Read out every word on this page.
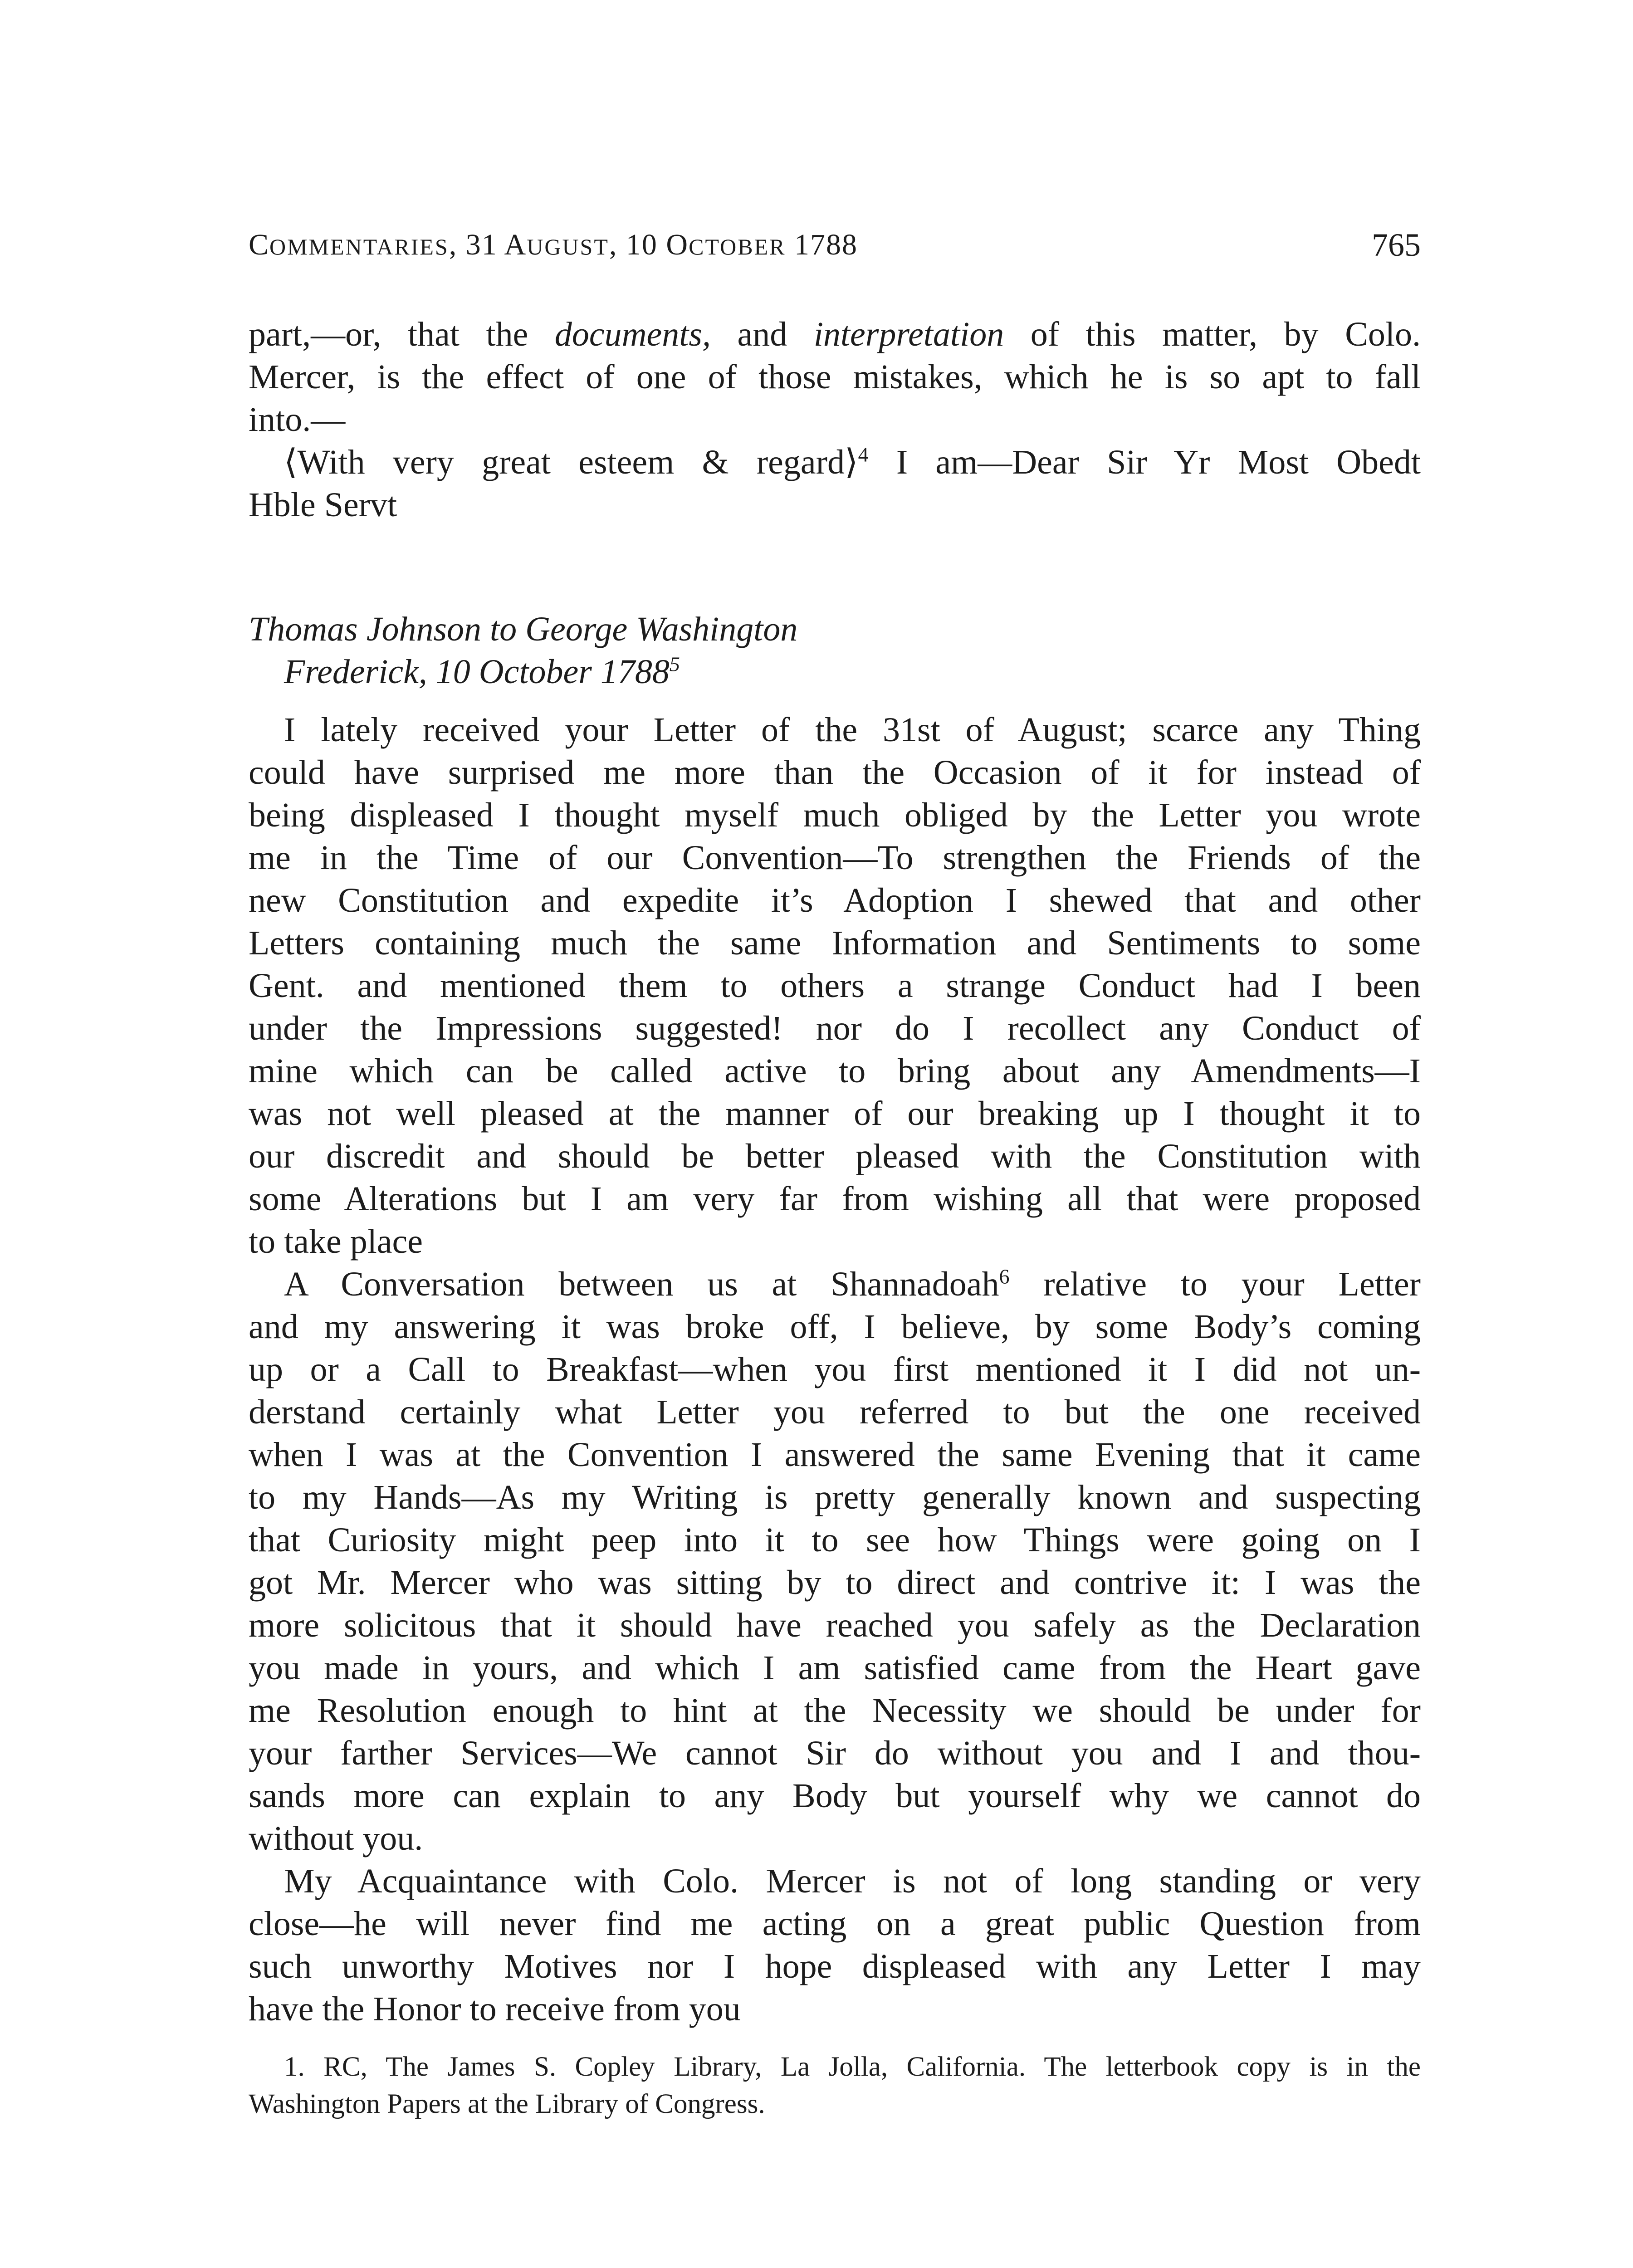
COMMENTARIES, 31 AUGUST, 10 OCTOBER 1788	765

part,—or, that the documents, and interpretation of this matter, by Colo.

Mercer, is the effect of one of those mistakes, which he is so apt to fall

into.—

⟨With very great esteem & regard⟩$^4$ I am—Dear Sir Yr Most Obedt

Hble Servt

Thomas Johnson to George Washington

Frederick, 10 October 1788$^5$

I lately received your Letter of the 31st of August; scarce any Thing

could have surprised me more than the Occasion of it for instead of

being displeased I thought myself much obliged by the Letter you wrote

me in the Time of our Convention—To strengthen the Friends of the

new Constitution and expedite it’s Adoption I shewed that and other

Letters containing much the same Information and Sentiments to some

Gent. and mentioned them to others a strange Conduct had I been

under the Impressions suggested! nor do I recollect any Conduct of

mine which can be called active to bring about any Amendments—I

was not well pleased at the manner of our breaking up I thought it to

our discredit and should be better pleased with the Constitution with

some Alterations but I am very far from wishing all that were proposed

to take place

A Conversation between us at Shannadoah$^6$ relative to your Letter

and my answering it was broke off, I believe, by some Body’s coming

up or a Call to Breakfast—when you first mentioned it I did not un-

derstand certainly what Letter you referred to but the one received

when I was at the Convention I answered the same Evening that it came

to my Hands—As my Writing is pretty generally known and suspecting

that Curiosity might peep into it to see how Things were going on I

got Mr. Mercer who was sitting by to direct and contrive it: I was the

more solicitous that it should have reached you safely as the Declaration

you made in yours, and which I am satisfied came from the Heart gave

me Resolution enough to hint at the Necessity we should be under for

your farther Services—We cannot Sir do without you and I and thou-

sands more can explain to any Body but yourself why we cannot do

without you.

My Acquaintance with Colo. Mercer is not of long standing or very

close—he will never find me acting on a great public Question from

such unworthy Motives nor I hope displeased with any Letter I may

have the Honor to receive from you

1. RC, The James S. Copley Library, La Jolla, California. The letterbook copy is in the

Washington Papers at the Library of Congress.
